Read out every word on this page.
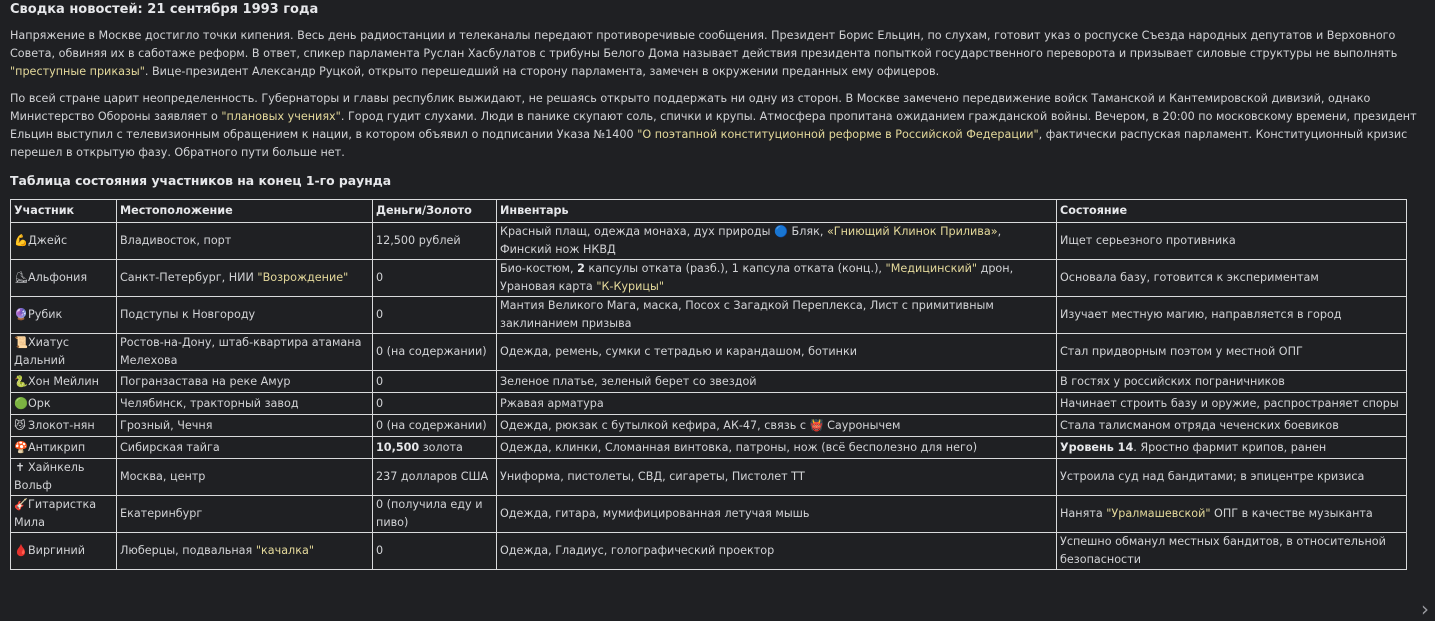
Сводка новостей: 21 сентября 1993 года

Напряжение в Москве достигло точки кипения. Весь день радиостанции и телеканалы передают противоречивые сообщения. Президент Борис Ельцин, по слухам, готовит указ о роспуске Съезда народных депутатов и Верховного Совета, обвиняя их в саботаже реформ. В ответ, спикер парламента Руслан Хасбулатов с трибуны Белого Дома называет действия президента попыткой государственного переворота и призывает силовые структуры не выполнять "преступные приказы". Вице-президент Александр Руцкой, открыто перешедший на сторону парламента, замечен в окружении преданных ему офицеров.

По всей стране царит неопределенность. Губернаторы и главы республик выжидают, не решаясь открыто поддержать ни одну из сторон. В Москве замечено передвижение войск Таманской и Кантемировской дивизий, однако Министерство Обороны заявляет о "плановых учениях". Город гудит слухами. Люди в панике скупают соль, спички и крупы. Атмосфера пропитана ожиданием гражданской войны. Вечером, в 20:00 по московскому времени, президент Ельцин выступил с телевизионным обращением к нации, в котором объявил о подписании Указа №1400 "О поэтапной конституционной реформе в Российской Федерации", фактически распуская парламент. Конституционный кризис перешел в открытую фазу. Обратного пути больше нет.

Таблица состояния участников на конец 1-го раунда
Участник	Местоположение	Деньги/Золото	Инвентарь	Состояние
💪Джейс	Владивосток, порт	12,500 рублей	Красный плащ, одежда монаха, дух природы 🔵 Бляк, «Гниющий Клинок Прилива», Финский нож НКВД	Ищет серьезного противника
⛸Альфония	Санкт-Петербург, НИИ "Возрождение"	0	Био-костюм, 2 капсулы отката (разб.), 1 капсула отката (конц.), "Медицинский" дрон, Урановая карта "К-Курицы"	Основала базу, готовится к экспериментам
🔮Рубик	Подступы к Новгороду	0	Мантия Великого Мага, маска, Посох с Загадкой Переплекса, Лист с примитивным заклинанием призыва	Изучает местную магию, направляется в город
📜Хиатус Дальний	Ростов-на-Дону, штаб-квартира атамана Мелехова	0 (на содержании)	Одежда, ремень, сумки с тетрадью и карандашом, ботинки	Стал придворным поэтом у местной ОПГ
🐍Хон Мейлин	Погранзастава на реке Амур	0	Зеленое платье, зеленый берет со звездой	В гостях у российских пограничников
🟢Орк	Челябинск, тракторный завод	0	Ржавая арматура	Начинает строить базу и оружие, распространяет споры
😼 Злокот-нян	Грозный, Чечня	0 (на содержании)	Одежда, рюкзак с бутылкой кефира, АК-47, связь с 👹 Сауронычем	Стала талисманом отряда чеченских боевиков
🍄Антикрип	Сибирская тайга	10,500 золота	Одежда, клинки, Сломанная винтовка, патроны, нож (всё бесполезно для него)	Уровень 14. Яростно фармит крипов, ранен
✝ Хайнкель Вольф	Москва, центр	237 долларов США	Униформа, пистолеты, СВД, сигареты, Пистолет ТТ	Устроила суд над бандитами; в эпицентре кризиса
🎸Гитаристка Мила	Екатеринбург	0 (получила еду и пиво)	Одежда, гитара, мумифицированная летучая мышь	Нанята "Уралмашевской" ОПГ в качестве музыканта
🩸Виргиний	Люберцы, подвальная "качалка"	0	Одежда, Гладиус, голографический проектор	Успешно обманул местных бандитов, в относительной безопасности
›
